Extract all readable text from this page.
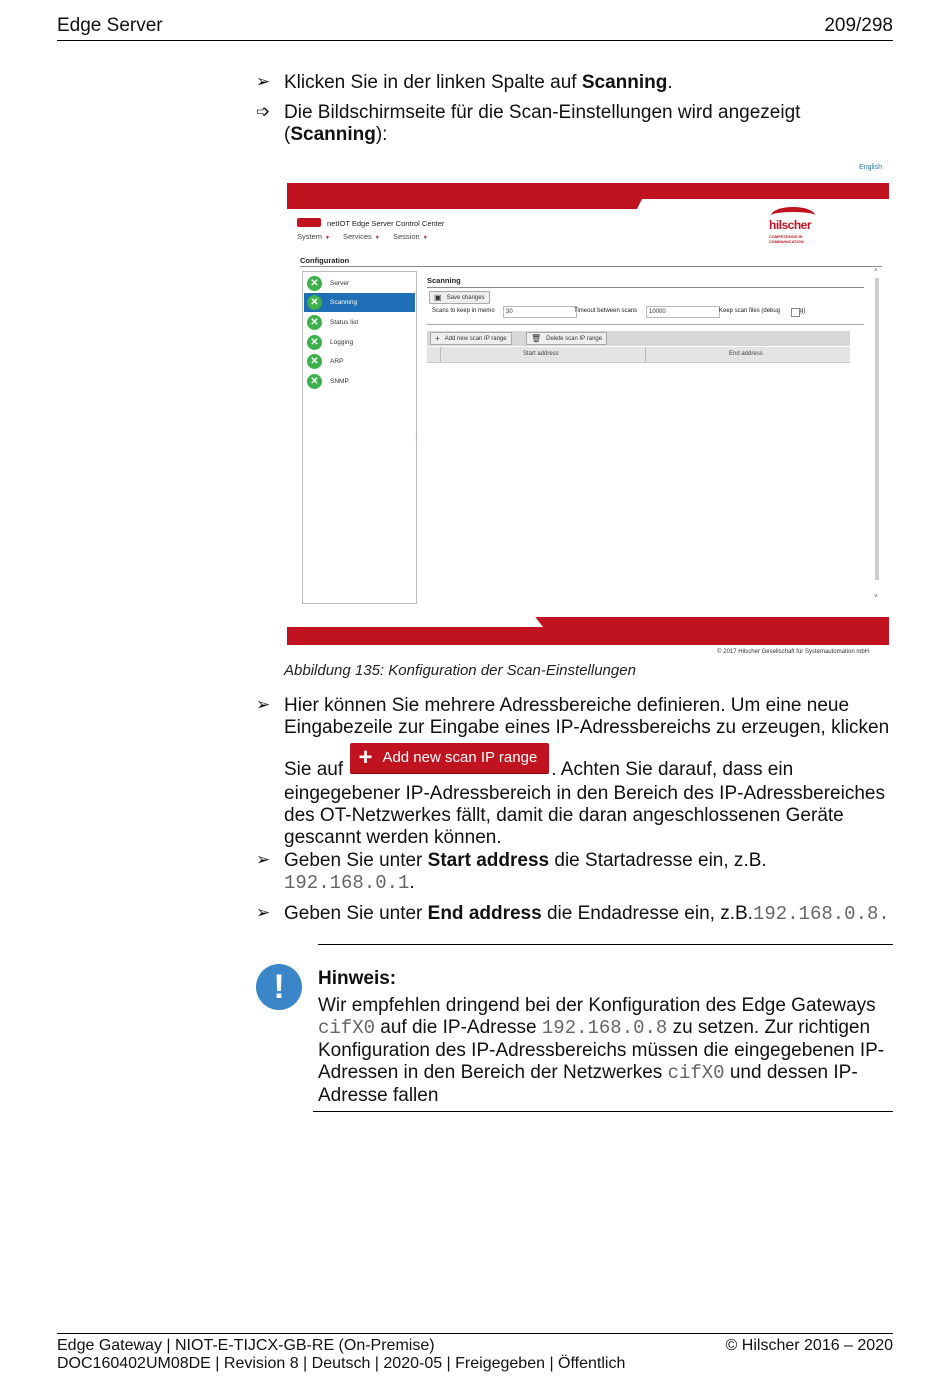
Edge Server	209/298
➢ Klicken Sie in der linken Spalte auf Scanning.
➩ Die Bildschirmseite für die Scan-Einstellungen wird angezeigt
(Scanning):
English
netIOT Edge Server Control Center
System ▼ Services ▼ Session ▼
hilscher
COMPETENCE IN
COMMUNICATION
Configuration
✕	Server
✕	Scanning
✕	Status list
✕	Logging
✕	ARP
✕	SNMP
⁝
Scanning
▣ Save changes
Scans to keep in memo	30	Timeout between scans	10000	Keep scan files (debug	g)
+ Add new scan IP range	🗑 Delete scan IP range
Start address	End address
˄
˅
© 2017 Hilscher Gesellschaft für Systemautomation mbH
Abbildung 135: Konfiguration der Scan-Einstellungen
➢ Hier können Sie mehrere Adressbereiche definieren. Um eine neue
Eingabezeile zur Eingabe eines IP-Adressbereichs zu erzeugen, klicken
Sie auf + Add new scan IP range
. Achten Sie darauf, dass ein
eingegebener IP-Adressbereich in den Bereich des IP-Adressbereiches
des OT-Netzwerkes fällt, damit die daran angeschlossenen Geräte
gescannt werden können.
➢ Geben Sie unter Start address die Startadresse ein, z.B.
192.168.0.1.
➢ Geben Sie unter End address die Endadresse ein, z.B.192.168.0.8.
!	Hinweis:
Wir empfehlen dringend bei der Konfiguration des Edge Gateways
cifX0 auf die IP-Adresse 192.168.0.8 zu setzen. Zur richtigen
Konfiguration des IP-Adressbereichs müssen die eingegebenen IP-
Adressen in den Bereich der Netzwerkes cifX0 und dessen IP-
Adresse fallen
Edge Gateway | NIOT-E-TIJCX-GB-RE (On-Premise)
DOC160402UM08DE | Revision 8 | Deutsch | 2020-05 | Freigegeben | Öffentlich
© Hilscher 2016 – 2020
